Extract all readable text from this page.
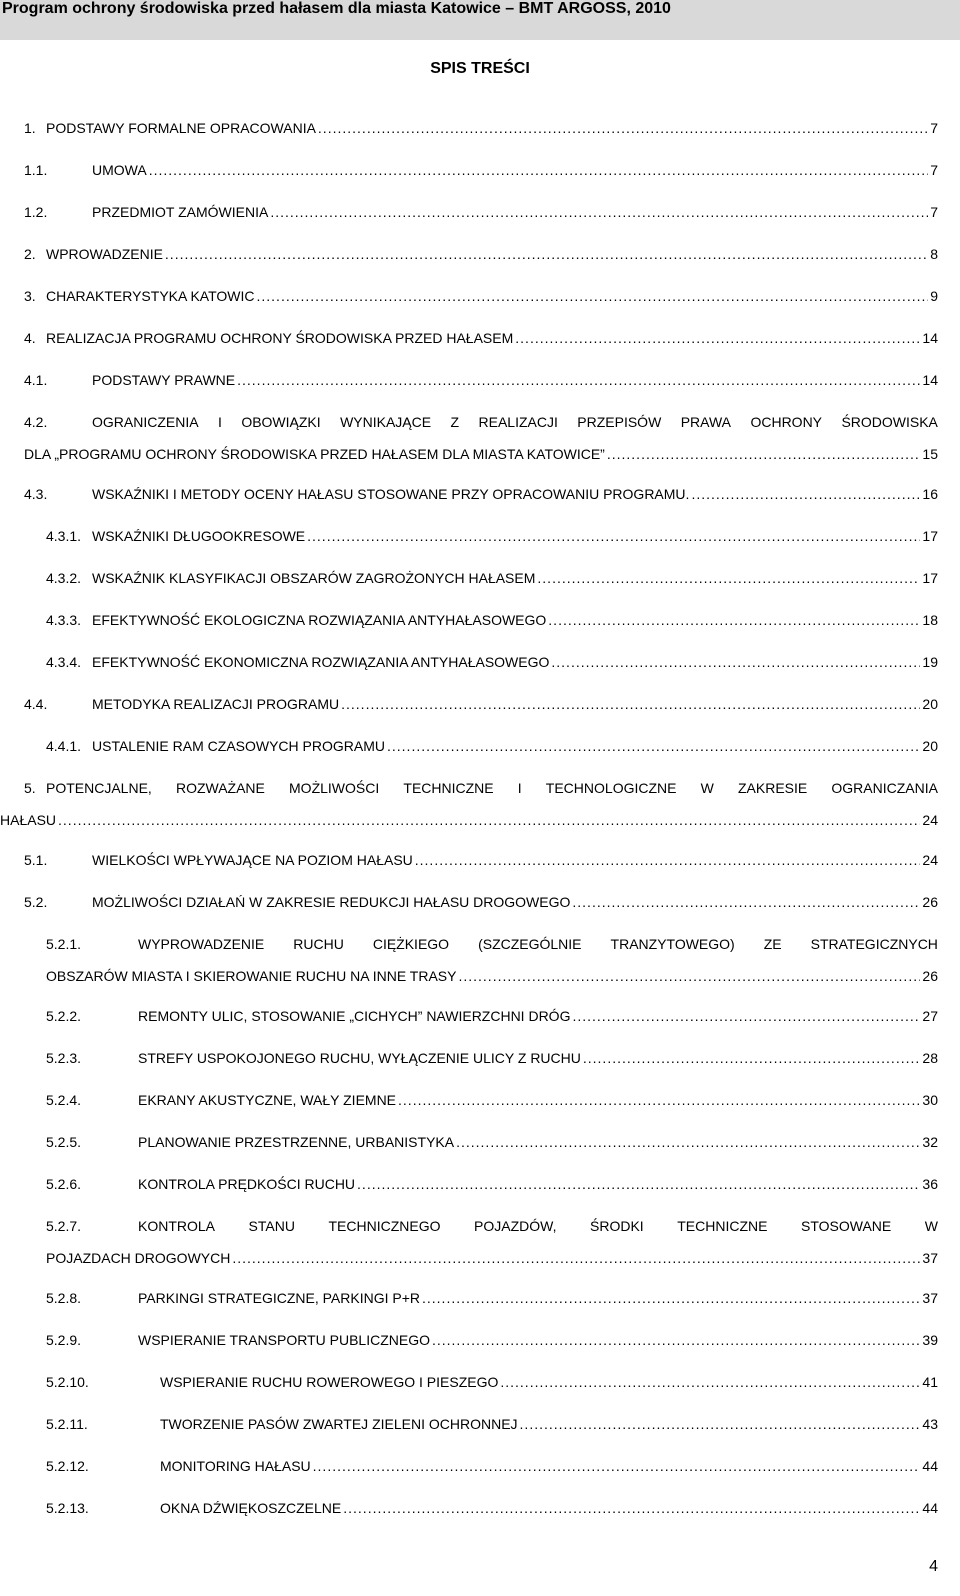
Program ochrony środowiska przed hałasem dla miasta Katowice – BMT ARGOSS, 2010
SPIS TREŚCI
1. PODSTAWY FORMALNE OPRACOWANIA .....	7
1.1.	UMOWA .....	7
1.2.	PRZEDMIOT ZAMÓWIENIA .....	7
2. WPROWADZENIE .....	8
3. CHARAKTERYSTYKA KATOWIC .....	9
4. REALIZACJA PROGRAMU OCHRONY ŚRODOWISKA PRZED HAŁASEM .....	14
4.1.	PODSTAWY PRAWNE .....	14
4.2.	OGRANICZENIA I OBOWIĄZKI WYNIKAJĄCE Z REALIZACJI PRZEPISÓW PRAWA OCHRONY ŚRODOWISKA
DLA „PROGRAMU OCHRONY ŚRODOWISKA PRZED HAŁASEM DLA MIASTA KATOWICE” .....	15
4.3.	WSKAŹNIKI I METODY OCENY HAŁASU STOSOWANE PRZY OPRACOWANIU PROGRAMU. .....	16
4.3.1. WSKAŹNIKI DŁUGOOKRESOWE .....	17
4.3.2. WSKAŹNIK KLASYFIKACJI OBSZARÓW ZAGROŻONYCH HAŁASEM .....	17
4.3.3. EFEKTYWNOŚĆ EKOLOGICZNA ROZWIĄZANIA ANTYHAŁASOWEGO .....	18
4.3.4. EFEKTYWNOŚĆ EKONOMICZNA ROZWIĄZANIA ANTYHAŁASOWEGO .....	19
4.4.	METODYKA REALIZACJI PROGRAMU .....	20
4.4.1. USTALENIE RAM CZASOWYCH PROGRAMU .....	20
5. POTENCJALNE, ROZWAŻANE MOŻLIWOŚCI TECHNICZNE I TECHNOLOGICZNE W ZAKRESIE OGRANICZANIA
HAŁASU .....	24
5.1.	WIELKOŚCI WPŁYWAJĄCE NA POZIOM HAŁASU .....	24
5.2.	MOŻLIWOŚCI DZIAŁAŃ W ZAKRESIE REDUKCJI HAŁASU DROGOWEGO .....	26
5.2.1.	WYPROWADZENIE RUCHU CIĘŻKIEGO (SZCZEGÓLNIE TRANZYTOWEGO) ZE STRATEGICZNYCH
OBSZARÓW MIASTA I SKIEROWANIE RUCHU NA INNE TRASY .....	26
5.2.2.	REMONTY ULIC, STOSOWANIE „CICHYCH” NAWIERZCHNI DRÓG .....	27
5.2.3.	STREFY USPOKOJONEGO RUCHU, WYŁĄCZENIE ULICY Z RUCHU .....	28
5.2.4.	EKRANY AKUSTYCZNE, WAŁY ZIEMNE .....	30
5.2.5.	PLANOWANIE PRZESTRZENNE, URBANISTYKA .....	32
5.2.6.	KONTROLA PRĘDKOŚCI RUCHU .....	36
5.2.7.	KONTROLA STANU TECHNICZNEGO POJAZDÓW, ŚRODKI TECHNICZNE STOSOWANE W
POJAZDACH DROGOWYCH .....	37
5.2.8.	PARKINGI STRATEGICZNE, PARKINGI P+R .....	37
5.2.9.	WSPIERANIE TRANSPORTU PUBLICZNEGO .....	39
5.2.10.	WSPIERANIE RUCHU ROWEROWEGO I PIESZEGO .....	41
5.2.11.	TWORZENIE PASÓW ZWARTEJ ZIELENI OCHRONNEJ .....	43
5.2.12.	MONITORING HAŁASU .....	44
5.2.13.	OKNA DŹWIĘKOSZCZELNE .....	44
4
